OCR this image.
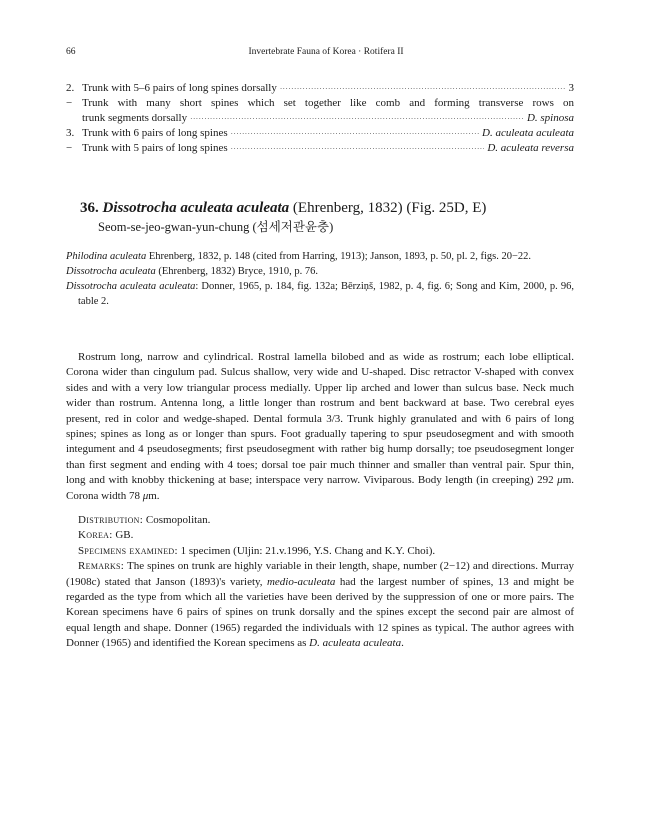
66	Invertebrate Fauna of Korea · Rotifera II
2. Trunk with 5–6 pairs of long spines dorsally ·····	3
− Trunk with many short spines which set together like comb and forming transverse rows on
trunk segments dorsally ·····	D. spinosa
3. Trunk with 6 pairs of long spines ·····	D. aculeata aculeata
− Trunk with 5 pairs of long spines ·····	D. aculeata reversa
36. Dissotrocha aculeata aculeata (Ehrenberg, 1832) (Fig. 25D, E)
Seom-se-jeo-gwan-yun-chung (섬세저관윤충)

Philodina aculeata Ehrenberg, 1832, p. 148 (cited from Harring, 1913); Janson, 1893, p. 50, pl. 2, figs. 20−22.

Dissotrocha aculeata (Ehrenberg, 1832) Bryce, 1910, p. 76.

Dissotrocha aculeata aculeata: Donner, 1965, p. 184, fig. 132a; Bērziņš, 1982, p. 4, fig. 6; Song and Kim, 2000, p. 96, table 2.

Rostrum long, narrow and cylindrical. Rostral lamella bilobed and as wide as rostrum; each lobe elliptical. Corona wider than cingulum pad. Sulcus shallow, very wide and U-shaped. Disc retractor V-shaped with convex sides and with a very low triangular process medially. Upper lip arched and lower than sulcus base. Neck much wider than rostrum. Antenna long, a little longer than rostrum and bent backward at base. Two cerebral eyes present, red in color and wedge-shaped. Dental formula 3/3. Trunk highly granulated and with 6 pairs of long spines; spines as long as or longer than spurs. Foot gradually tapering to spur pseudosegment and with smooth integument and 4 pseudosegments; first pseudosegment with rather big hump dorsally; toe pseudosegment longer than first segment and ending with 4 toes; dorsal toe pair much thinner and smaller than ventral pair. Spur thin, long and with knobby thickening at base; interspace very narrow. Viviparous. Body length (in creeping) 292 μm. Corona width 78 μm.

Distribution: Cosmopolitan.

Korea: GB.

Specimens examined: 1 specimen (Uljin: 21.v.1996, Y.S. Chang and K.Y. Choi).

Remarks: The spines on trunk are highly variable in their length, shape, number (2−12) and directions. Murray (1908c) stated that Janson (1893)'s variety, medio-aculeata had the largest number of spines, 13 and might be regarded as the type from which all the varieties have been derived by the suppression of one or more pairs. The Korean specimens have 6 pairs of spines on trunk dorsally and the spines except the second pair are almost of equal length and shape. Donner (1965) regarded the individuals with 12 spines as typical. The author agrees with Donner (1965) and identified the Korean specimens as D. aculeata aculeata.
